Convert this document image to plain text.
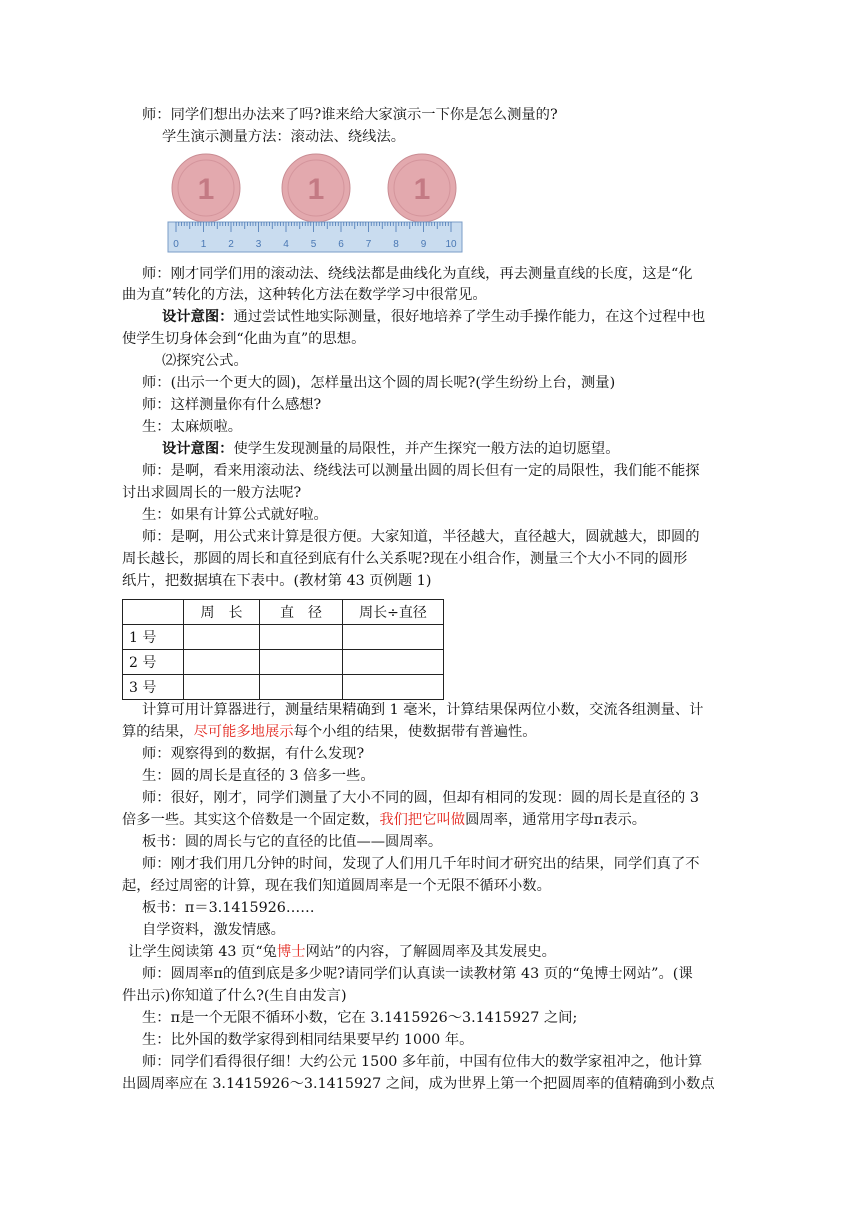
师：同学们想出办法来了吗?谁来给大家演示一下你是怎么测量的?
学生演示测量方法：滚动法、绕线法。
1	1	1
0 1 2 3 4 5 6 7 8 9 10
师：刚才同学们用的滚动法、绕线法都是曲线化为直线，再去测量直线的长度，这是“化
曲为直”转化的方法，这种转化方法在数学学习中很常见。
设计意图：通过尝试性地实际测量，很好地培养了学生动手操作能力，在这个过程中也
使学生切身体会到“化曲为直”的思想。
⑵探究公式。
师：(出示一个更大的圆)，怎样量出这个圆的周长呢?(学生纷纷上台，测量)
师：这样测量你有什么感想?
生：太麻烦啦。
设计意图：使学生发现测量的局限性，并产生探究一般方法的迫切愿望。
师：是啊，看来用滚动法、绕线法可以测量出圆的周长但有一定的局限性，我们能不能探
讨出求圆周长的一般方法呢?
生：如果有计算公式就好啦。
师：是啊，用公式来计算是很方便。大家知道，半径越大，直径越大，圆就越大，即圆的
周长越长，那圆的周长和直径到底有什么关系呢?现在小组合作，测量三个大小不同的圆形
纸片，把数据填在下表中。(教材第 43 页例题 1)
	周　长	直　径	周长÷直径
1 号			
2 号			
3 号			
计算可用计算器进行，测量结果精确到 1 毫米，计算结果保两位小数，交流各组测量、计
算的结果，尽可能多地展示每个小组的结果，使数据带有普遍性。
师：观察得到的数据，有什么发现?
生：圆的周长是直径的 3 倍多一些。
师：很好，刚才，同学们测量了大小不同的圆，但却有相同的发现：圆的周长是直径的 3
倍多一些。其实这个倍数是一个固定数，我们把它叫做圆周率，通常用字母π表示。
板书：圆的周长与它的直径的比值——圆周率。
师：刚才我们用几分钟的时间，发现了人们用几千年时间才研究出的结果，同学们真了不
起，经过周密的计算，现在我们知道圆周率是一个无限不循环小数。
板书：π＝3.1415926……
自学资料，激发情感。
让学生阅读第 43 页“兔博士网站”的内容，了解圆周率及其发展史。
师：圆周率π的值到底是多少呢?请同学们认真读一读教材第 43 页的“兔博士网站”。(课
件出示)你知道了什么?(生自由发言)
生：π是一个无限不循环小数，它在 3.1415926～3.1415927 之间;
生：比外国的数学家得到相同结果要早约 1000 年。
师：同学们看得很仔细！大约公元 1500 多年前，中国有位伟大的数学家祖冲之，他计算
出圆周率应在 3.1415926～3.1415927 之间，成为世界上第一个把圆周率的值精确到小数点
